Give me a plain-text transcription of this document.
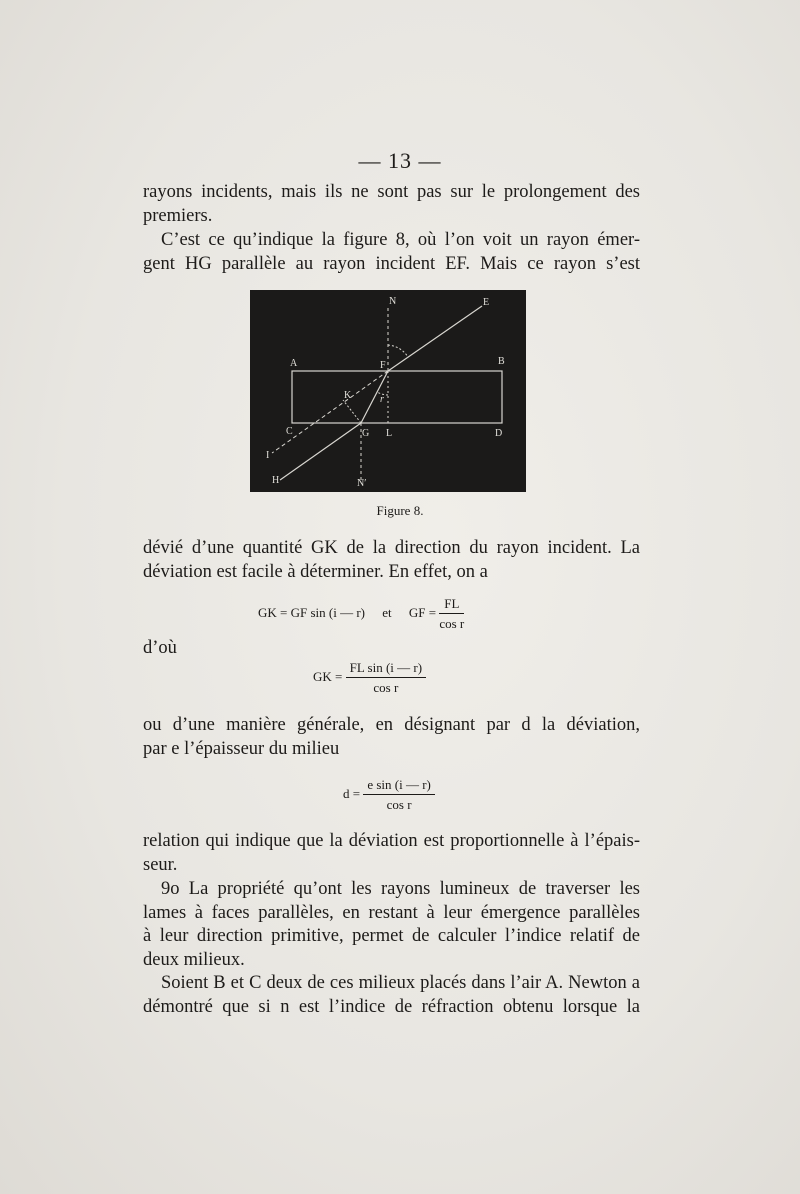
— 13 —
rayons incidents, mais ils ne sont pas sur le prolongement des
premiers.
C’est ce qu’indique la figure 8, où l’on voit un rayon émer-
gent HG parallèle au rayon incident EF. Mais ce rayon s’est
N	E
A	B
F
K	r
C	G L	D
I
H	N′
Figure 8.
dévié d’une quantité GK de la direction du rayon incident. La
déviation est facile à déterminer. En effet, on a
GK = GF sin (i — r) et GF = $\frac{FL}{\text{cos r}}$
d’où
GK = $\frac{\text{FL sin (i — r)}}{\text{cos r}}$
ou d’une manière générale, en désignant par d la déviation,
par e l’épaisseur du milieu
$d = \frac{\text{e sin (i — r)}}{\text{cos r}}$
relation qui indique que la déviation est proportionnelle à l’épais-
seur.
9o La propriété qu’ont les rayons lumineux de traverser les
lames à faces parallèles, en restant à leur émergence parallèles
à leur direction primitive, permet de calculer l’indice relatif de
deux milieux.
Soient B et C deux de ces milieux placés dans l’air A. Newton a
démontré que si n est l’indice de réfraction obtenu lorsque la
